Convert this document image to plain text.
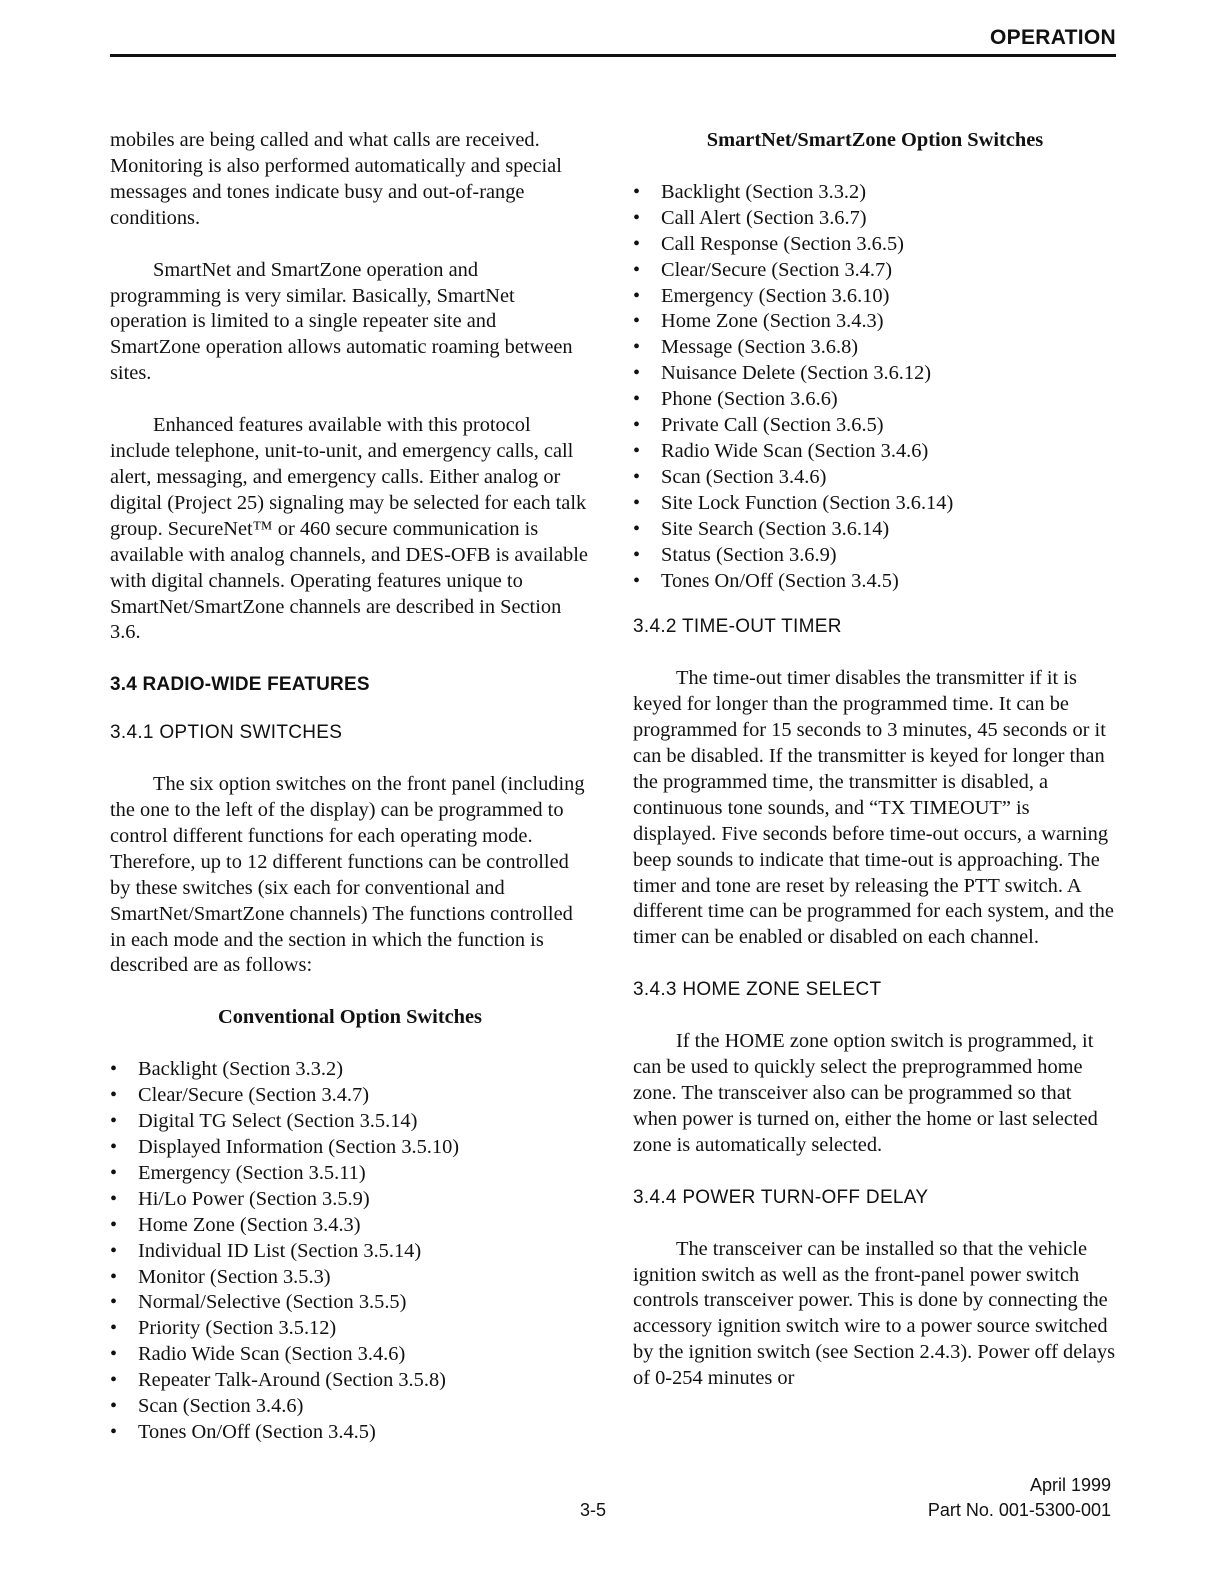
OPERATION

mobiles are being called and what calls are received. Monitoring is also performed automatically and special messages and tones indicate busy and out-of-range conditions.

SmartNet and SmartZone operation and programming is very similar. Basically, SmartNet operation is limited to a single repeater site and SmartZone operation allows automatic roaming between sites.

Enhanced features available with this protocol include telephone, unit-to-unit, and emergency calls, call alert, messaging, and emergency calls. Either analog or digital (Project 25) signaling may be selected for each talk group. SecureNet™ or 460 secure communication is available with analog channels, and DES-OFB is available with digital channels. Operating features unique to SmartNet/SmartZone channels are described in Section 3.6.

3.4 RADIO-WIDE FEATURES
3.4.1 OPTION SWITCHES

The six option switches on the front panel (including the one to the left of the display) can be programmed to control different functions for each operating mode. Therefore, up to 12 different functions can be controlled by these switches (six each for conventional and SmartNet/SmartZone channels) The functions controlled in each mode and the section in which the function is described are as follows:

Conventional Option Switches

• Backlight (Section 3.3.2)
• Clear/Secure (Section 3.4.7)
• Digital TG Select (Section 3.5.14)
• Displayed Information (Section 3.5.10)
• Emergency (Section 3.5.11)
• Hi/Lo Power (Section 3.5.9)
• Home Zone (Section 3.4.3)
• Individual ID List (Section 3.5.14)
• Monitor (Section 3.5.3)
• Normal/Selective (Section 3.5.5)
• Priority (Section 3.5.12)
• Radio Wide Scan (Section 3.4.6)
• Repeater Talk-Around (Section 3.5.8)
• Scan (Section 3.4.6)
• Tones On/Off (Section 3.4.5)

SmartNet/SmartZone Option Switches

• Backlight (Section 3.3.2)
• Call Alert (Section 3.6.7)
• Call Response (Section 3.6.5)
• Clear/Secure (Section 3.4.7)
• Emergency (Section 3.6.10)
• Home Zone (Section 3.4.3)
• Message (Section 3.6.8)
• Nuisance Delete (Section 3.6.12)
• Phone (Section 3.6.6)
• Private Call (Section 3.6.5)
• Radio Wide Scan (Section 3.4.6)
• Scan (Section 3.4.6)
• Site Lock Function (Section 3.6.14)
• Site Search (Section 3.6.14)
• Status (Section 3.6.9)
• Tones On/Off (Section 3.4.5)
3.4.2 TIME-OUT TIMER

The time-out timer disables the transmitter if it is keyed for longer than the programmed time. It can be programmed for 15 seconds to 3 minutes, 45 seconds or it can be disabled. If the transmitter is keyed for longer than the programmed time, the transmitter is disabled, a continuous tone sounds, and “TX TIMEOUT” is displayed. Five seconds before time-out occurs, a warning beep sounds to indicate that time-out is approaching. The timer and tone are reset by releasing the PTT switch. A different time can be programmed for each system, and the timer can be enabled or disabled on each channel.

3.4.3 HOME ZONE SELECT

If the HOME zone option switch is programmed, it can be used to quickly select the preprogrammed home zone. The transceiver also can be programmed so that when power is turned on, either the home or last selected zone is automatically selected.

3.4.4 POWER TURN-OFF DELAY

The transceiver can be installed so that the vehicle ignition switch as well as the front-panel power switch controls transceiver power. This is done by connecting the accessory ignition switch wire to a power source switched by the ignition switch (see Section 2.4.3). Power off delays of 0-254 minutes or

April 1999
3-5	Part No. 001-5300-001
